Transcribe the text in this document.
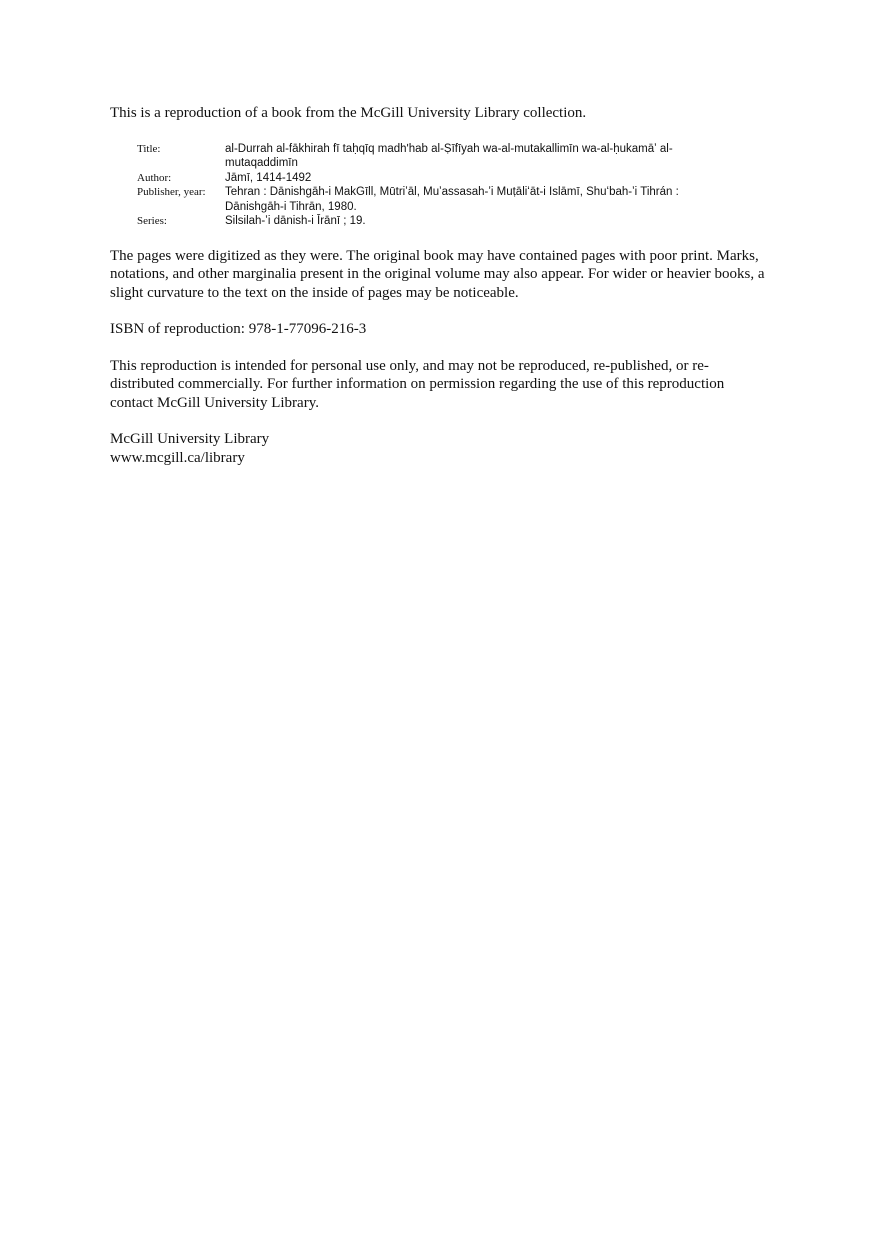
This is a reproduction of a book from the McGill University Library collection.

Title:	al-Durrah al-fākhirah fī taḥqīq madhʹhab al-Ṣīfīyah wa-al-mutakallimīn wa-al-ḥukamāʼ al-mutaqaddimīn
Author:	Jāmī, 1414-1492
Publisher, year:	Tehran : Dānishgāh-i MakGīll, Mūtriʼāl, Muʼassasah-ʼi Muṭāliʻāt-i Islāmī, Shuʻbah-ʼi Tihrán : Dānishgāh-i Tihrān, 1980.
Series:	Silsilah-ʼi dānish-i Īrānī ; 19.

The pages were digitized as they were. The original book may have contained pages with poor print. Marks, notations, and other marginalia present in the original volume may also appear. For wider or heavier books, a slight curvature to the text on the inside of pages may be noticeable.

ISBN of reproduction: 978-1-77096-216-3

This reproduction is intended for personal use only, and may not be reproduced, re-published, or re-distributed commercially. For further information on permission regarding the use of this reproduction contact McGill University Library.

McGill University Library
www.mcgill.ca/library
